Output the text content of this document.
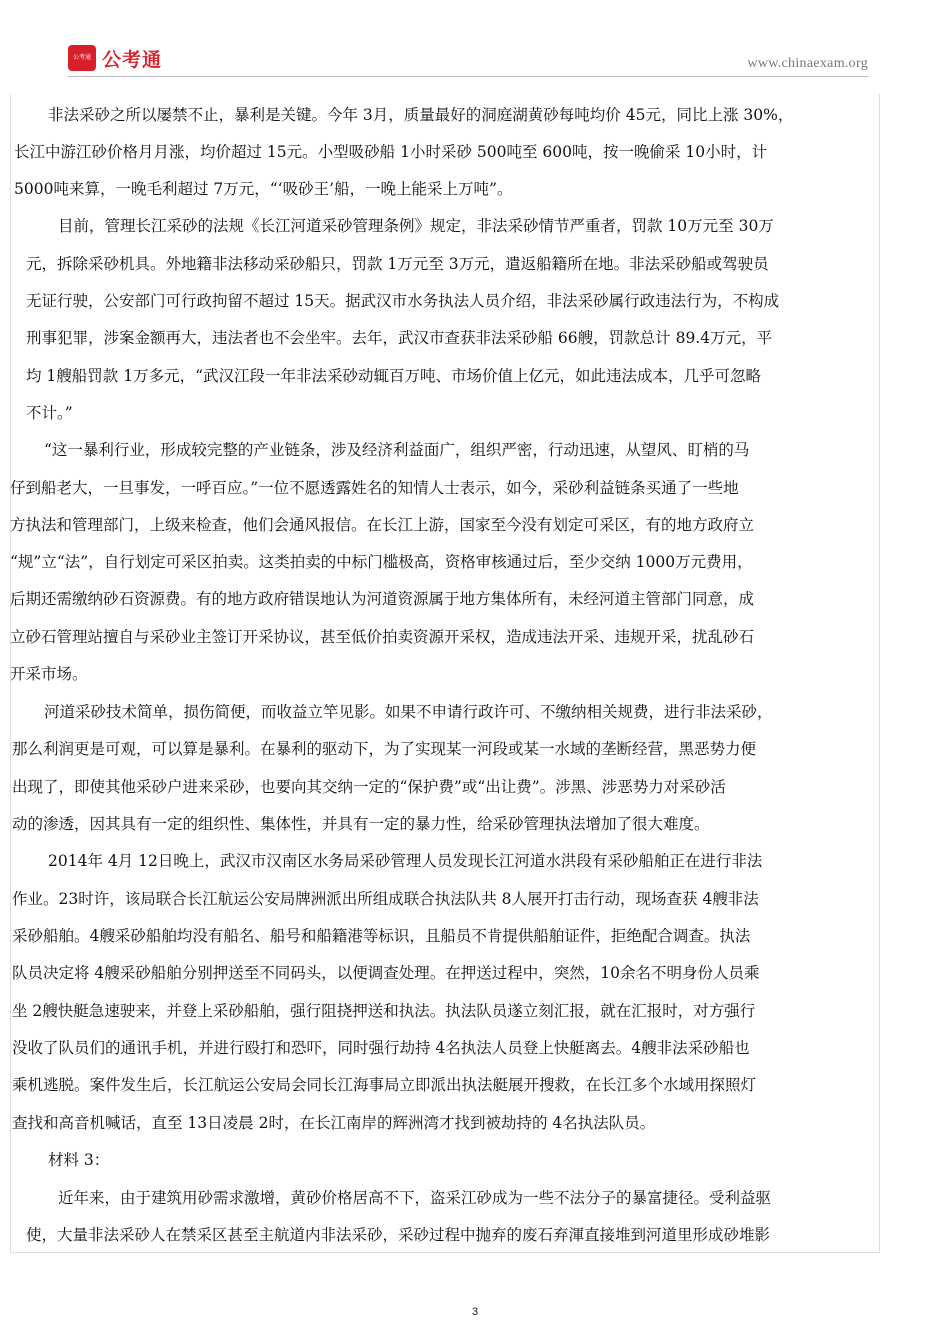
公考通 公考通	www.chinaexam.org
非法采砂之所以屡禁不止，暴利是关键。今年 3月，质量最好的洞庭湖黄砂每吨均价 45元，同比上涨 30%，
长江中游江砂价格月月涨，均价超过 15元。小型吸砂船 1小时采砂 500吨至 600吨，按一晚偷采 10小时，计
5000吨来算，一晚毛利超过 7万元，“‘吸砂王’船，一晚上能采上万吨”。
目前，管理长江采砂的法规《长江河道采砂管理条例》规定，非法采砂情节严重者，罚款 10万元至 30万
元，拆除采砂机具。外地籍非法移动采砂船只，罚款 1万元至 3万元，遣返船籍所在地。非法采砂船或驾驶员
无证行驶，公安部门可行政拘留不超过 15天。据武汉市水务执法人员介绍，非法采砂属行政违法行为，不构成
刑事犯罪，涉案金额再大，违法者也不会坐牢。去年，武汉市查获非法采砂船 66艘，罚款总计 89.4万元，平
均 1艘船罚款 1万多元，“武汉江段一年非法采砂动辄百万吨、市场价值上亿元，如此违法成本，几乎可忽略
不计。”
“这一暴利行业，形成较完整的产业链条，涉及经济利益面广，组织严密，行动迅速，从望风、盯梢的马
仔到船老大，一旦事发，一呼百应。”一位不愿透露姓名的知情人士表示，如今，采砂利益链条买通了一些地
方执法和管理部门，上级来检查，他们会通风报信。在长江上游，国家至今没有划定可采区，有的地方政府立
“规”立“法”，自行划定可采区拍卖。这类拍卖的中标门槛极高，资格审核通过后，至少交纳 1000万元费用，
后期还需缴纳砂石资源费。有的地方政府错误地认为河道资源属于地方集体所有，未经河道主管部门同意，成
立砂石管理站擅自与采砂业主签订开采协议，甚至低价拍卖资源开采权，造成违法开采、违规开采，扰乱砂石
开采市场。
河道采砂技术简单，损伤简便，而收益立竿见影。如果不申请行政许可、不缴纳相关规费，进行非法采砂，
那么利润更是可观，可以算是暴利。在暴利的驱动下，为了实现某一河段或某一水域的垄断经营，黑恶势力便
出现了，即使其他采砂户进来采砂，也要向其交纳一定的“保护费”或“出让费”。涉黑、涉恶势力对采砂活
动的渗透，因其具有一定的组织性、集体性，并具有一定的暴力性，给采砂管理执法增加了很大难度。
2014年 4月 12日晚上，武汉市汉南区水务局采砂管理人员发现长江河道水洪段有采砂船舶正在进行非法
作业。23时许，该局联合长江航运公安局牌洲派出所组成联合执法队共 8人展开打击行动，现场查获 4艘非法
采砂船舶。4艘采砂船舶均没有船名、船号和船籍港等标识，且船员不肯提供船舶证件，拒绝配合调查。执法
队员决定将 4艘采砂船舶分别押送至不同码头，以便调查处理。在押送过程中，突然，10余名不明身份人员乘
坐 2艘快艇急速驶来，并登上采砂船舶，强行阻挠押送和执法。执法队员遂立刻汇报，就在汇报时，对方强行
没收了队员们的通讯手机，并进行殴打和恐吓，同时强行劫持 4名执法人员登上快艇离去。4艘非法采砂船也
乘机逃脱。案件发生后，长江航运公安局会同长江海事局立即派出执法艇展开搜救，在长江多个水域用探照灯
查找和高音机喊话，直至 13日凌晨 2时，在长江南岸的辉洲湾才找到被劫持的 4名执法队员。
材料 3：
近年来，由于建筑用砂需求激增，黄砂价格居高不下，盗采江砂成为一些不法分子的暴富捷径。受利益驱
使，大量非法采砂人在禁采区甚至主航道内非法采砂，采砂过程中抛弃的废石弃渾直接堆到河道里形成砂堆影
3
